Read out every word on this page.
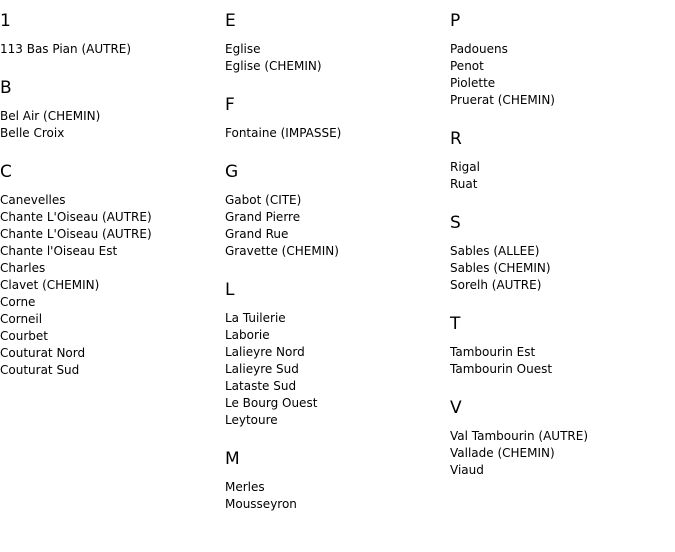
1
113 Bas Pian (AUTRE)
B
Bel Air (CHEMIN)
Belle Croix
C
Canevelles
Chante L'Oiseau (AUTRE)
Chante L'Oiseau (AUTRE)
Chante l'Oiseau Est
Charles
Clavet (CHEMIN)
Corne
Corneil
Courbet
Couturat Nord
Couturat Sud
E
Eglise
Eglise (CHEMIN)
F
Fontaine (IMPASSE)
G
Gabot (CITE)
Grand Pierre
Grand Rue
Gravette (CHEMIN)
L
La Tuilerie
Laborie
Lalieyre Nord
Lalieyre Sud
Lataste Sud
Le Bourg Ouest
Leytoure
M
Merles
Mousseyron
P
Padouens
Penot
Piolette
Pruerat (CHEMIN)
R
Rigal
Ruat
S
Sables (ALLEE)
Sables (CHEMIN)
Sorelh (AUTRE)
T
Tambourin Est
Tambourin Ouest
V
Val Tambourin (AUTRE)
Vallade (CHEMIN)
Viaud
